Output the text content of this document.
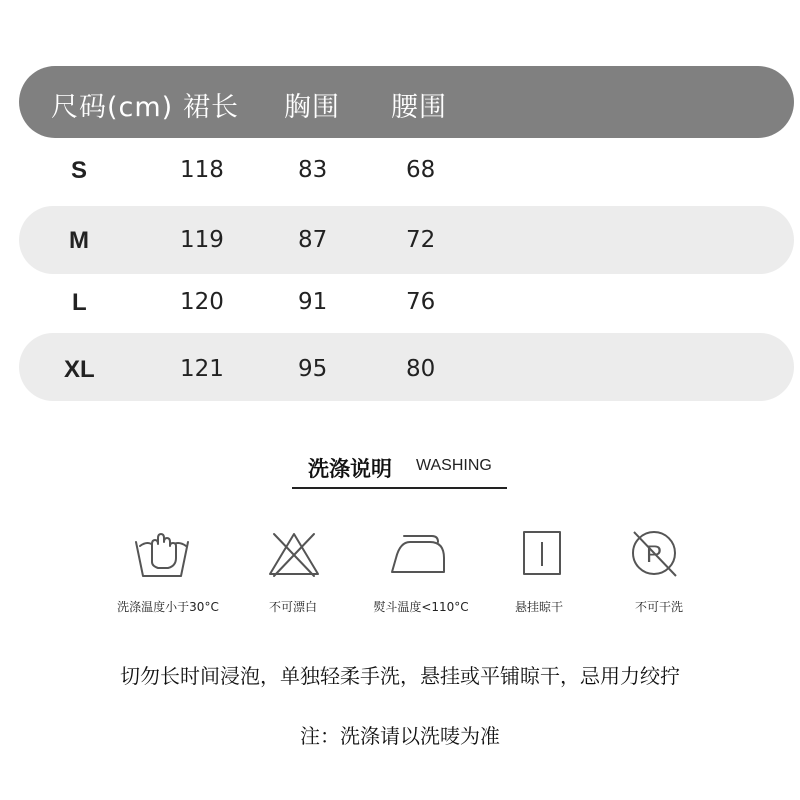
尺码(cm) 裙长 胸围 腰围
S	118	83	68
M	119	87	72
L	120	91	76
XL	121	95	80
洗涤说明 WASHING
洗涤温度小于30°C	不可漂白	熨斗温度<110°C	悬挂晾干
P
不可干洗
切勿长时间浸泡，单独轻柔手洗，悬挂或平铺晾干，忌用力绞拧
注：洗涤请以洗唛为准
